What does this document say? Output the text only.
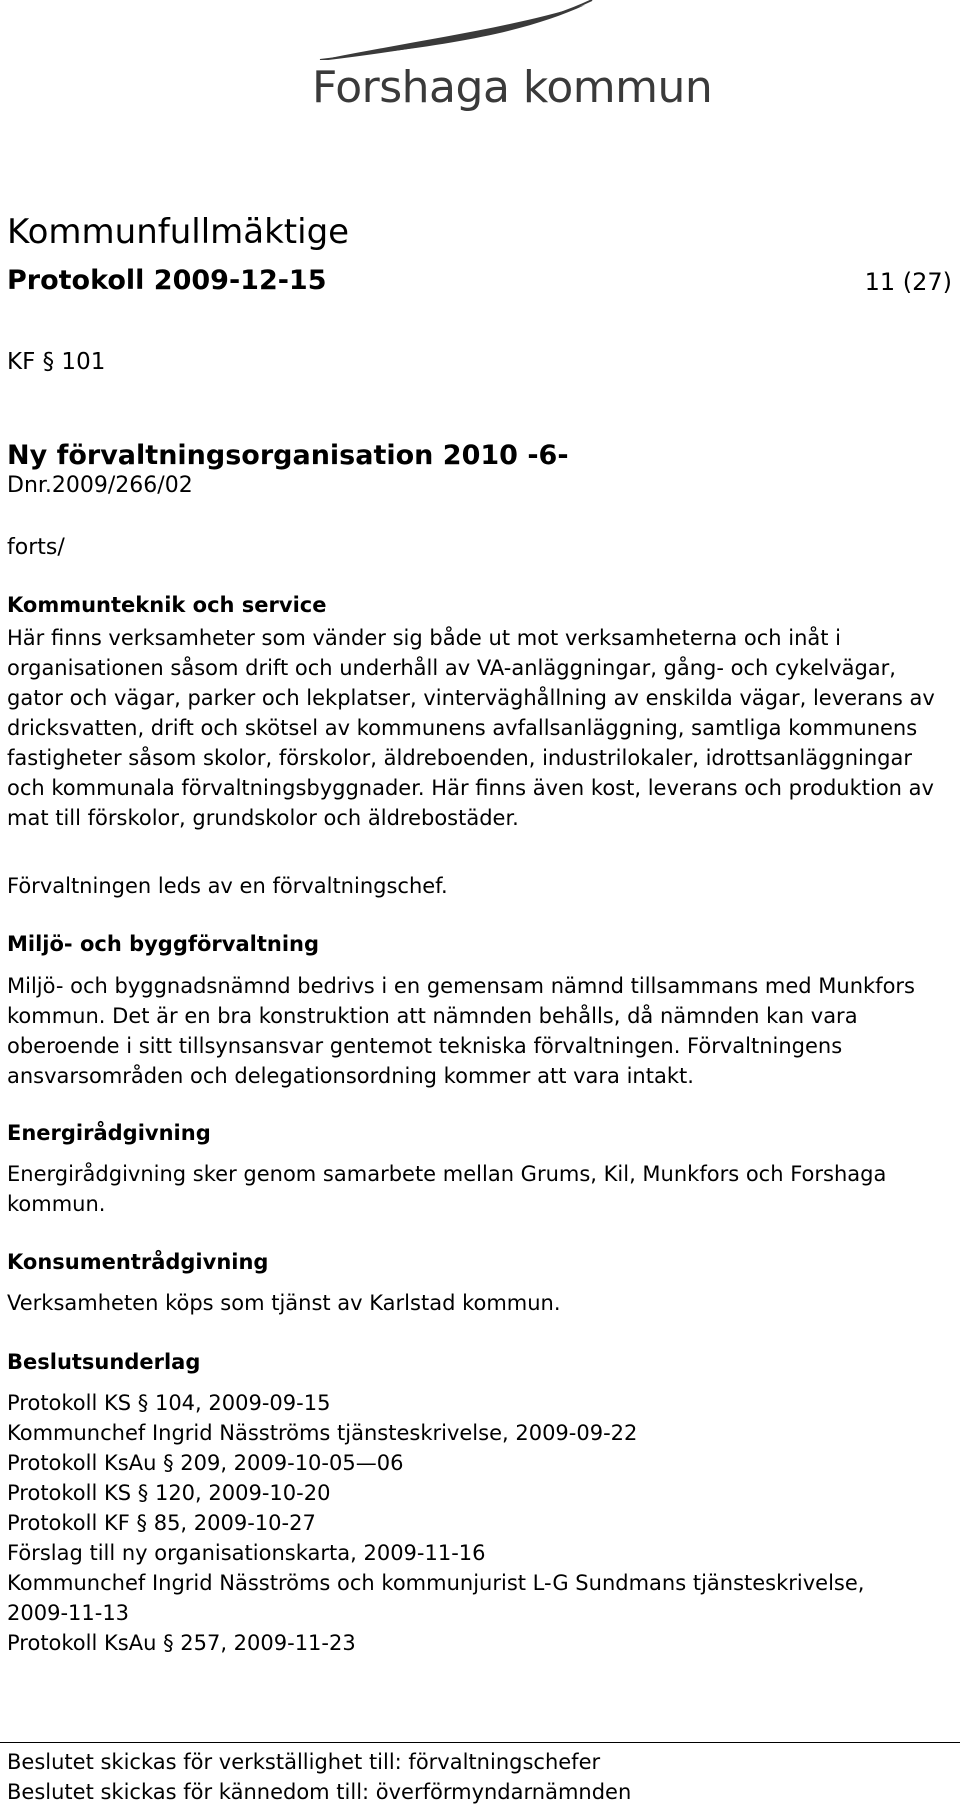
Forshaga kommun
Kommunfullmäktige
Protokoll 2009-12-15	11 (27)
KF § 101
Ny förvaltningsorganisation 2010 -6-
Dnr.2009/266/02
forts/
Kommunteknik och service
Här finns verksamheter som vänder sig både ut mot verksamheterna och inåt i organisationen såsom drift och underhåll av VA-anläggningar, gång- och cykelvägar, gator och vägar, parker och lekplatser, vinterväghållning av enskilda vägar, leverans av dricksvatten, drift och skötsel av kommunens avfallsanläggning, samtliga kommunens fastigheter såsom skolor, förskolor, äldreboenden, industrilokaler, idrottsanläggningar och kommunala förvaltningsbyggnader. Här finns även kost, leverans och produktion av mat till förskolor, grundskolor och äldrebostäder.
Förvaltningen leds av en förvaltningschef.
Miljö- och byggförvaltning
Miljö- och byggnadsnämnd bedrivs i en gemensam nämnd tillsammans med Munkfors kommun. Det är en bra konstruktion att nämnden behålls, då nämnden kan vara oberoende i sitt tillsynsansvar gentemot tekniska förvaltningen. Förvaltningens ansvarsområden och delegationsordning kommer att vara intakt.
Energirådgivning
Energirådgivning sker genom samarbete mellan Grums, Kil, Munkfors och Forshaga kommun.
Konsumentrådgivning
Verksamheten köps som tjänst av Karlstad kommun.
Beslutsunderlag
Protokoll KS § 104, 2009-09-15
Kommunchef Ingrid Näsströms tjänsteskrivelse, 2009-09-22
Protokoll KsAu § 209, 2009-10-05—06
Protokoll KS § 120, 2009-10-20
Protokoll KF § 85, 2009-10-27
Förslag till ny organisationskarta, 2009-11-16
Kommunchef Ingrid Näsströms och kommunjurist L-G Sundmans tjänsteskrivelse,
2009-11-13
Protokoll KsAu § 257, 2009-11-23
Beslutet skickas för verkställighet till: förvaltningschefer
Beslutet skickas för kännedom till: överförmyndarnämnden
